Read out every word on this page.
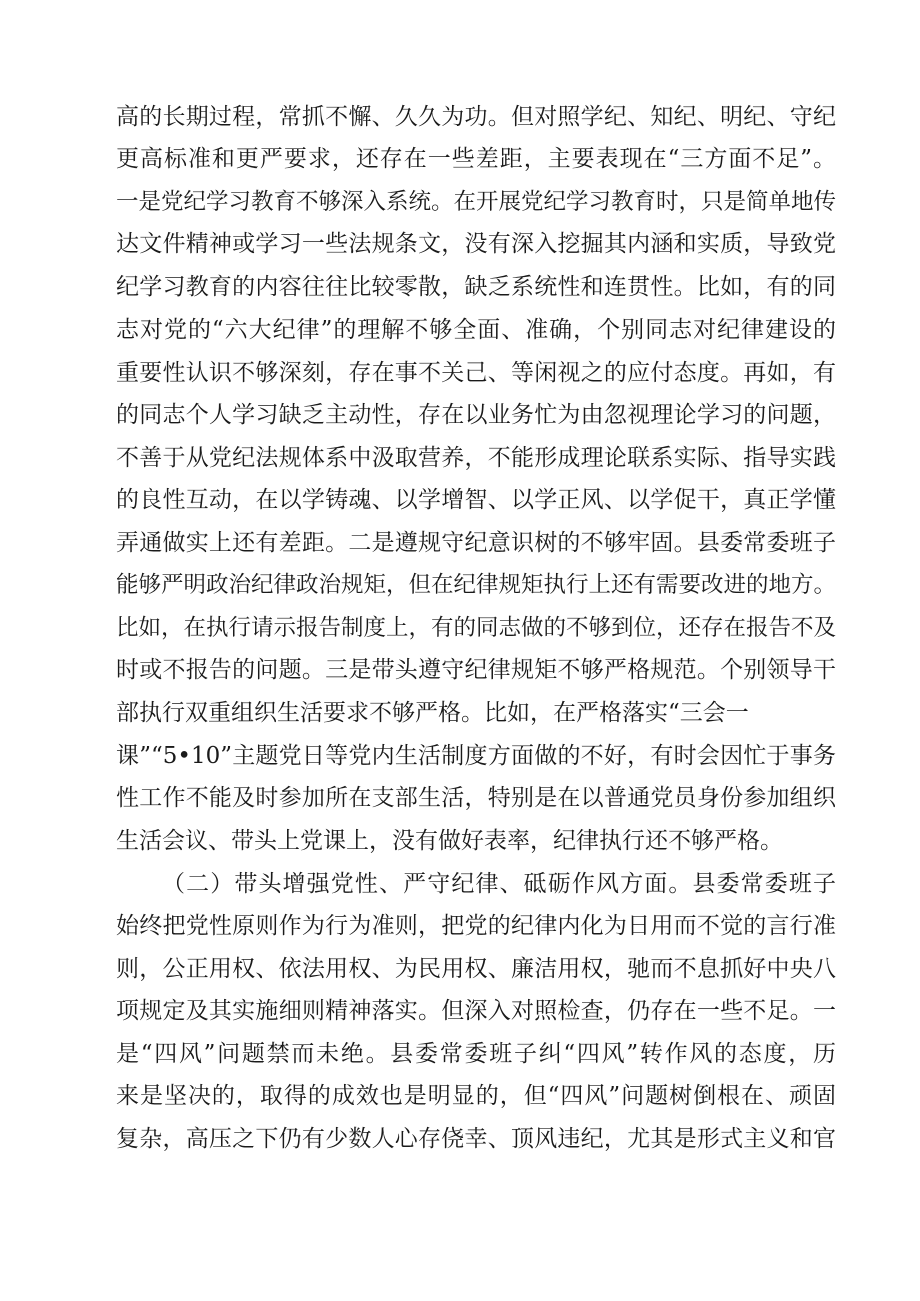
高的长期过程，常抓不懈、久久为功。但对照学纪、知纪、明纪、守纪
更高标准和更严要求，还存在一些差距，主要表现在“三方面不足”。
一是党纪学习教育不够深入系统。在开展党纪学习教育时，只是简单地传
达文件精神或学习一些法规条文，没有深入挖掘其内涵和实质，导致党
纪学习教育的内容往往比较零散，缺乏系统性和连贯性。比如，有的同
志对党的“六大纪律”的理解不够全面、准确，个别同志对纪律建设的
重要性认识不够深刻，存在事不关己、等闲视之的应付态度。再如，有
的同志个人学习缺乏主动性，存在以业务忙为由忽视理论学习的问题，
不善于从党纪法规体系中汲取营养，不能形成理论联系实际、指导实践
的良性互动，在以学铸魂、以学增智、以学正风、以学促干，真正学懂
弄通做实上还有差距。二是遵规守纪意识树的不够牢固。县委常委班子
能够严明政治纪律政治规矩，但在纪律规矩执行上还有需要改进的地方。
比如，在执行请示报告制度上，有的同志做的不够到位，还存在报告不及
时或不报告的问题。三是带头遵守纪律规矩不够严格规范。个别领导干
部执行双重组织生活要求不够严格。比如，在严格落实“三会一
课”“5•10”主题党日等党内生活制度方面做的不好，有时会因忙于事务
性工作不能及时参加所在支部生活，特别是在以普通党员身份参加组织
生活会议、带头上党课上，没有做好表率，纪律执行还不够严格。
（二）带头增强党性、严守纪律、砥砺作风方面。县委常委班子
始终把党性原则作为行为准则，把党的纪律内化为日用而不觉的言行准
则，公正用权、依法用权、为民用权、廉洁用权，驰而不息抓好中央八
项规定及其实施细则精神落实。但深入对照检查，仍存在一些不足。一
是“四风”问题禁而未绝。县委常委班子纠“四风”转作风的态度，历
来是坚决的，取得的成效也是明显的，但“四风”问题树倒根在、顽固
复杂，高压之下仍有少数人心存侥幸、顶风违纪，尤其是形式主义和官
